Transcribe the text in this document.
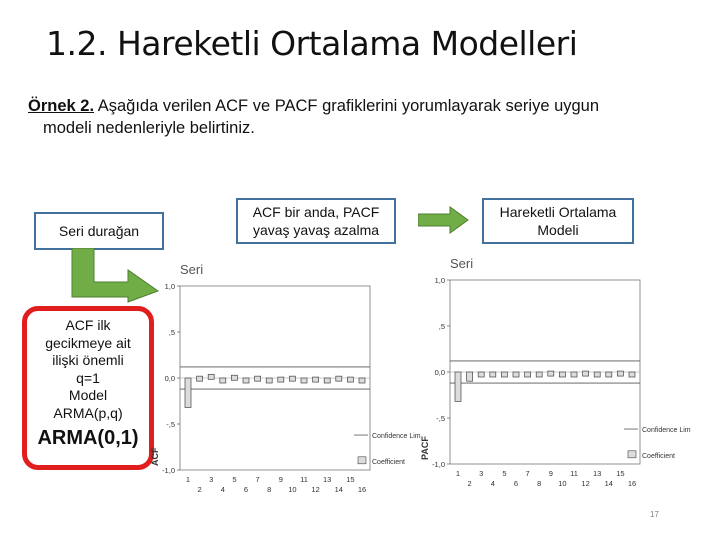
1.2. Hareketli Ortalama Modelleri
Örnek 2. Aşağıda verilen ACF ve PACF grafiklerini yorumlayarak seriye uygun
modeli nedenleriyle belirtiniz.
Seri durağan
ACF bir anda, PACF yavaş yavaş azalma
Hareketli Ortalama Modeli
ACF ilk
gecikmeye ait
ilişki önemli
q=1
Model
ARMA(p,q)
ARMA(0,1)
Seri
ACF
1,0
,5
0,0
-,5
-1,0
1	3	5	7	9 11 13 15
2	4	6	8 10 12 14 16
Confidence Lim
Coefficient
Seri
PACF
1,0
,5
0,0
-,5
-1,0
1	3	5	7	9 11 13 15
2	4	6	8 10 12 14 16
Confidence Lim
Coefficient
17
